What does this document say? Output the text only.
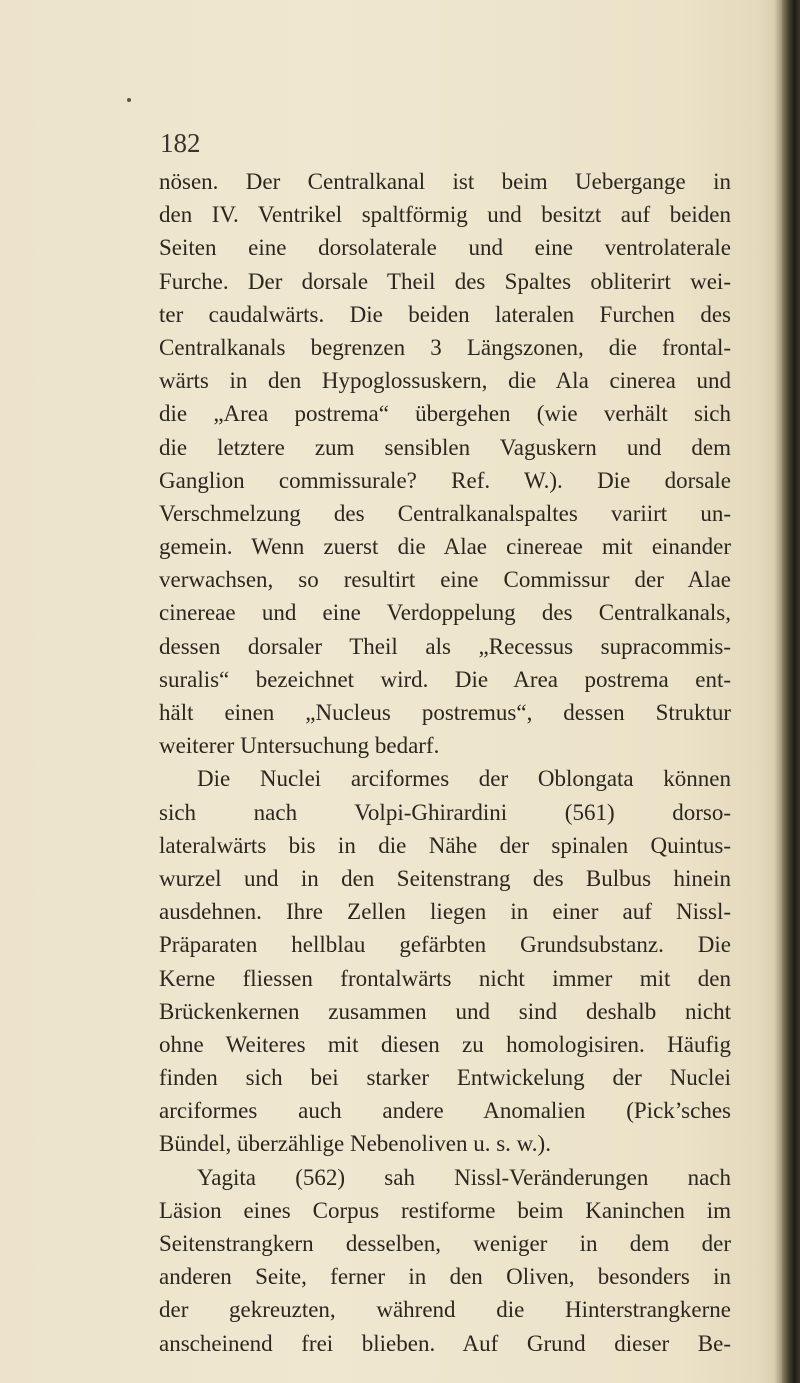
182
nösen. Der Centralkanal ist beim Uebergange in
den IV. Ventrikel spaltförmig und besitzt auf beiden
Seiten eine dorsolaterale und eine ventrolaterale
Furche. Der dorsale Theil des Spaltes obliterirt wei-
ter caudalwärts. Die beiden lateralen Furchen des
Centralkanals begrenzen 3 Längszonen, die frontal-
wärts in den Hypoglossuskern, die Ala cinerea und
die „Area postrema“ übergehen (wie verhält sich
die letztere zum sensiblen Vaguskern und dem
Ganglion commissurale? Ref. W.). Die dorsale
Verschmelzung des Centralkanalspaltes variirt un-
gemein. Wenn zuerst die Alae cinereae mit einander
verwachsen, so resultirt eine Commissur der Alae
cinereae und eine Verdoppelung des Centralkanals,
dessen dorsaler Theil als „Recessus supracommis-
suralis“ bezeichnet wird. Die Area postrema ent-
hält einen „Nucleus postremus“, dessen Struktur
weiterer Untersuchung bedarf.
Die Nuclei arciformes der Oblongata können
sich nach Volpi-Ghirardini (561) dorso-
lateralwärts bis in die Nähe der spinalen Quintus-
wurzel und in den Seitenstrang des Bulbus hinein
ausdehnen. Ihre Zellen liegen in einer auf Nissl-
Präparaten hellblau gefärbten Grundsubstanz. Die
Kerne fliessen frontalwärts nicht immer mit den
Brückenkernen zusammen und sind deshalb nicht
ohne Weiteres mit diesen zu homologisiren. Häufig
finden sich bei starker Entwickelung der Nuclei
arciformes auch andere Anomalien (Pick’sches
Bündel, überzählige Nebenoliven u. s. w.).
Yagita (562) sah Nissl-Veränderungen nach
Läsion eines Corpus restiforme beim Kaninchen im
Seitenstrangkern desselben, weniger in dem der
anderen Seite, ferner in den Oliven, besonders in
der gekreuzten, während die Hinterstrangkerne
anscheinend frei blieben. Auf Grund dieser Be-
